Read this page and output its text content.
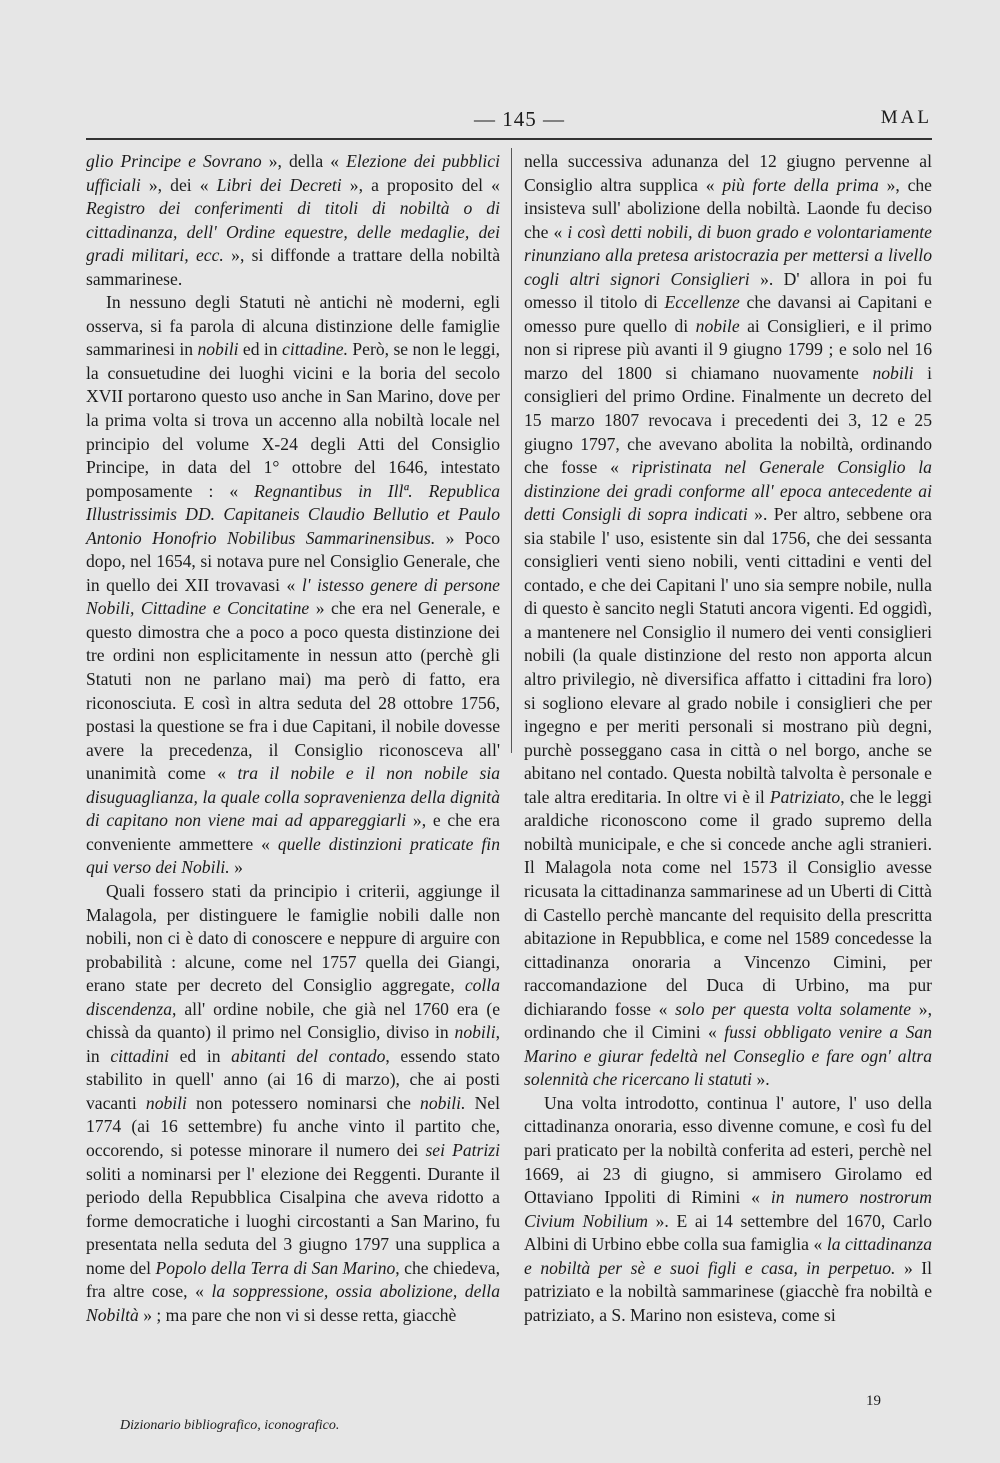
— 145 —	MAL

glio Principe e Sovrano », della « Elezione dei pubblici ufficiali », dei « Libri dei Decreti », a proposito del « Registro dei conferimenti di titoli di nobiltà o di cittadinanza, dell' Ordine equestre, delle medaglie, dei gradi militari, ecc. », si diffonde a trattare della nobiltà sammarinese.

In nessuno degli Statuti nè antichi nè moderni, egli osserva, si fa parola di alcuna distinzione delle famiglie sammarinesi in nobili ed in cittadine. Però, se non le leggi, la consuetudine dei luoghi vicini e la boria del secolo XVII portarono questo uso anche in San Marino, dove per la prima volta si trova un accenno alla nobiltà locale nel principio del volume X-24 degli Atti del Consiglio Principe, in data del 1° ottobre del 1646, intestato pomposamente : « Regnantibus in Illª. Republica Illustrissimis DD. Capitaneis Claudio Bellutio et Paulo Antonio Honofrio Nobilibus Sammarinensibus. » Poco dopo, nel 1654, si notava pure nel Consiglio Generale, che in quello dei XII trovavasi « l' istesso genere di persone Nobili, Cittadine e Concitatine » che era nel Generale, e questo dimostra che a poco a poco questa distinzione dei tre ordini non esplicitamente in nessun atto (perchè gli Statuti non ne parlano mai) ma però di fatto, era riconosciuta. E così in altra seduta del 28 ottobre 1756, postasi la questione se fra i due Capitani, il nobile dovesse avere la precedenza, il Consiglio riconosceva all' unanimità come « tra il nobile e il non nobile sia disuguaglianza, la quale colla sopravenienza della dignità di capitano non viene mai ad appareggiarli », e che era conveniente ammettere « quelle distinzioni praticate fin qui verso dei Nobili. »

Quali fossero stati da principio i criterii, aggiunge il Malagola, per distinguere le famiglie nobili dalle non nobili, non ci è dato di conoscere e neppure di arguire con probabilità : alcune, come nel 1757 quella dei Giangi, erano state per decreto del Consiglio aggregate, colla discendenza, all' ordine nobile, che già nel 1760 era (e chissà da quanto) il primo nel Consiglio, diviso in nobili, in cittadini ed in abitanti del contado, essendo stato stabilito in quell' anno (ai 16 di marzo), che ai posti vacanti nobili non potessero nominarsi che nobili. Nel 1774 (ai 16 settembre) fu anche vinto il partito che, occorendo, si potesse minorare il numero dei sei Patrizi soliti a nominarsi per l' elezione dei Reggenti. Durante il periodo della Repubblica Cisalpina che aveva ridotto a forme democratiche i luoghi circostanti a San Marino, fu presentata nella seduta del 3 giugno 1797 una supplica a nome del Popolo della Terra di San Marino, che chiedeva, fra altre cose, « la soppressione, ossia abolizione, della Nobiltà » ; ma pare che non vi si desse retta, giacchè

nella successiva adunanza del 12 giugno pervenne al Consiglio altra supplica « più forte della prima », che insisteva sull' abolizione della nobiltà. Laonde fu deciso che « i così detti nobili, di buon grado e volontariamente rinunziano alla pretesa aristocrazia per mettersi a livello cogli altri signori Consiglieri ». D' allora in poi fu omesso il titolo di Eccellenze che davansi ai Capitani e omesso pure quello di nobile ai Consiglieri, e il primo non si riprese più avanti il 9 giugno 1799 ; e solo nel 16 marzo del 1800 si chiamano nuovamente nobili i consiglieri del primo Ordine. Finalmente un decreto del 15 marzo 1807 revocava i precedenti dei 3, 12 e 25 giugno 1797, che avevano abolita la nobiltà, ordinando che fosse « ripristinata nel Generale Consiglio la distinzione dei gradi conforme all' epoca antecedente ai detti Consigli di sopra indicati ». Per altro, sebbene ora sia stabile l' uso, esistente sin dal 1756, che dei sessanta consiglieri venti sieno nobili, venti cittadini e venti del contado, e che dei Capitani l' uno sia sempre nobile, nulla di questo è sancito negli Statuti ancora vigenti. Ed oggidì, a mantenere nel Consiglio il numero dei venti consiglieri nobili (la quale distinzione del resto non apporta alcun altro privilegio, nè diversifica affatto i cittadini fra loro) si sogliono elevare al grado nobile i consiglieri che per ingegno e per meriti personali si mostrano più degni, purchè posseggano casa in città o nel borgo, anche se abitano nel contado. Questa nobiltà talvolta è personale e tale altra ereditaria. In oltre vi è il Patriziato, che le leggi araldiche riconoscono come il grado supremo della nobiltà municipale, e che si concede anche agli stranieri. Il Malagola nota come nel 1573 il Consiglio avesse ricusata la cittadinanza sammarinese ad un Uberti di Città di Castello perchè mancante del requisito della prescritta abitazione in Repubblica, e come nel 1589 concedesse la cittadinanza onoraria a Vincenzo Cimini, per raccomandazione del Duca di Urbino, ma pur dichiarando fosse « solo per questa volta solamente », ordinando che il Cimini « fussi obbligato venire a San Marino e giurar fedeltà nel Conseglio e fare ogn' altra solennità che ricercano li statuti ».

Una volta introdotto, continua l' autore, l' uso della cittadinanza onoraria, esso divenne comune, e così fu del pari praticato per la nobiltà conferita ad esteri, perchè nel 1669, ai 23 di giugno, si ammisero Girolamo ed Ottaviano Ippoliti di Rimini « in numero nostrorum Civium Nobilium ». E ai 14 settembre del 1670, Carlo Albini di Urbino ebbe colla sua famiglia « la cittadinanza e nobiltà per sè e suoi figli e casa, in perpetuo. » Il patriziato e la nobiltà sammarinese (giacchè fra nobiltà e patriziato, a S. Marino non esisteva, come si

Dizionario bibliografico, iconografico.
19
